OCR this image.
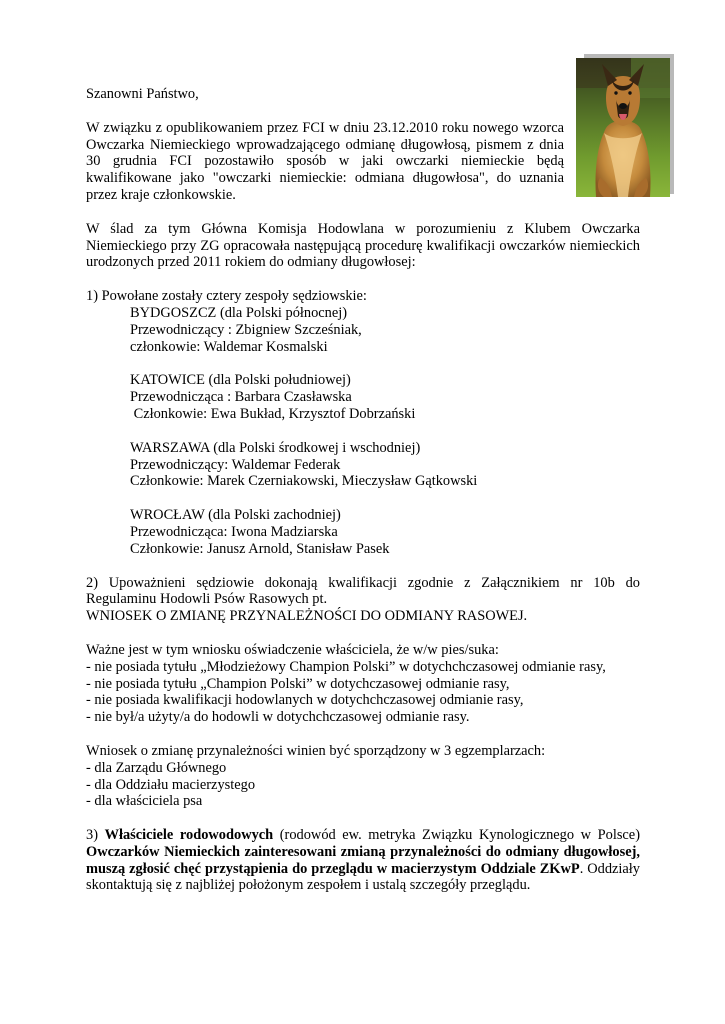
Szanowni Państwo,

W związku z opublikowaniem przez FCI w dniu 23.12.2010 roku nowego wzorca Owczarka Niemieckiego wprowadzającego odmianę długowłosą, pismem z dnia 30 grudnia FCI pozostawiło sposób w jaki owczarki niemieckie będą kwalifikowane jako "owczarki niemieckie: odmiana długowłosa", do uznania przez kraje członkowskie.

W ślad za tym Główna Komisja Hodowlana w porozumieniu z Klubem Owczarka Niemieckiego przy ZG opracowała następującą procedurę kwalifikacji owczarków niemieckich urodzonych przed 2011 rokiem do odmiany długowłosej:

1) Powołane zostały cztery zespoły sędziowskie:

BYDGOSZCZ (dla Polski północnej)
Przewodniczący : Zbigniew Szcześniak,
członkowie: Waldemar Kosmalski
KATOWICE (dla Polski południowej)
Przewodnicząca : Barbara Czasławska
Członkowie: Ewa Bukład, Krzysztof Dobrzański
WARSZAWA (dla Polski środkowej i wschodniej)
Przewodniczący: Waldemar Federak
Członkowie: Marek Czerniakowski, Mieczysław Gątkowski
WROCŁAW (dla Polski zachodniej)
Przewodnicząca: Iwona Madziarska
Członkowie: Janusz Arnold, Stanisław Pasek

2) Upoważnieni sędziowie dokonają kwalifikacji zgodnie z Załącznikiem nr 10b do Regulaminu Hodowli Psów Rasowych pt.

WNIOSEK O ZMIANĘ PRZYNALEŻNOŚCI DO ODMIANY RASOWEJ.

Ważne jest w tym wniosku oświadczenie właściciela, że w/w pies/suka:

- nie posiada tytułu „Młodzieżowy Champion Polski” w dotychchczasowej odmianie rasy,
- nie posiada tytułu „Champion Polski” w dotychczasowej odmianie rasy,
- nie posiada kwalifikacji hodowlanych w dotychchczasowej odmianie rasy,
- nie był/a użyty/a do hodowli w dotychchczasowej odmianie rasy.

Wniosek o zmianę przynależności winien być sporządzony w 3 egzemplarzach:

- dla Zarządu Głównego
- dla Oddziału macierzystego
- dla właściciela psa

3) Właściciele rodowodowych (rodowód ew. metryka Związku Kynologicznego w Polsce) Owczarków Niemieckich zainteresowani zmianą przynależności do odmiany długowłosej, muszą zgłosić chęć przystąpienia do przeglądu w macierzystym Oddziale ZKwP. Oddziały skontaktują się z najbliżej położonym zespołem i ustalą szczegóły przeglądu.
